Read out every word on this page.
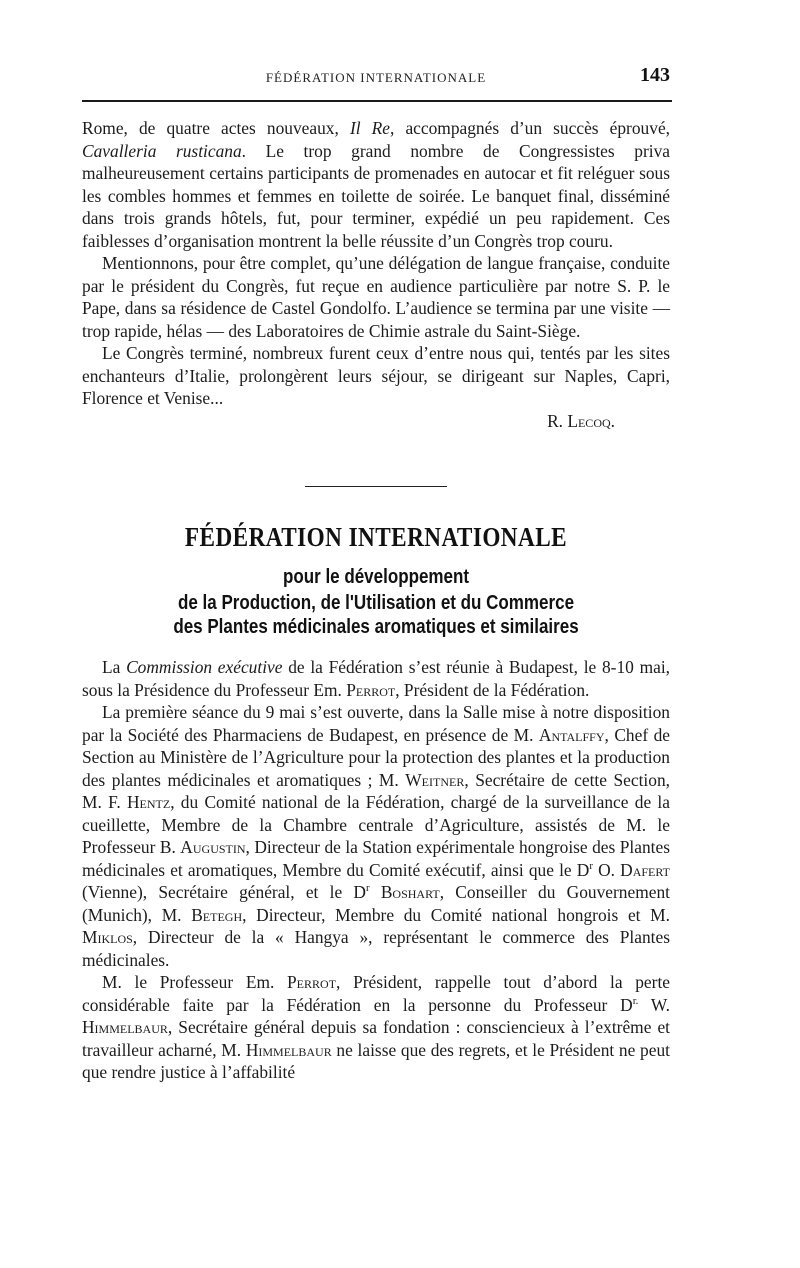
FÉDÉRATION INTERNATIONALE	143

Rome, de quatre actes nouveaux, Il Re, accompagnés d’un succès éprouvé, Cavalleria rusticana. Le trop grand nombre de Congressistes priva malheureusement certains participants de promenades en autocar et fit reléguer sous les combles hommes et femmes en toilette de soirée. Le banquet final, disséminé dans trois grands hôtels, fut, pour terminer, expédié un peu rapidement. Ces faiblesses d’organisation montrent la belle réussite d’un Congrès trop couru.

Mentionnons, pour être complet, qu’une délégation de langue française, conduite par le président du Congrès, fut reçue en audience particulière par notre S. P. le Pape, dans sa résidence de Castel Gondolfo. L’audience se termina par une visite — trop rapide, hélas — des Laboratoires de Chimie astrale du Saint-Siège.

Le Congrès terminé, nombreux furent ceux d’entre nous qui, tentés par les sites enchanteurs d’Italie, prolongèrent leurs séjour, se dirigeant sur Naples, Capri, Florence et Venise...

R. Lecoq.

FÉDÉRATION INTERNATIONALE
pour le développement
de la Production, de l'Utilisation et du Commerce
des Plantes médicinales aromatiques et similaires

La Commission exécutive de la Fédération s’est réunie à Budapest, le 8-10 mai, sous la Présidence du Professeur Em. Perrot, Président de la Fédération.

La première séance du 9 mai s’est ouverte, dans la Salle mise à notre disposition par la Société des Pharmaciens de Budapest, en présence de M. Antalffy, Chef de Section au Ministère de l’Agriculture pour la protection des plantes et la production des plantes médicinales et aromatiques ; M. Weitner, Secrétaire de cette Section, M. F. Hentz, du Comité national de la Fédération, chargé de la surveillance de la cueillette, Membre de la Chambre centrale d’Agriculture, assistés de M. le Professeur B. Augustin, Directeur de la Station expérimentale hongroise des Plantes médicinales et aromatiques, Membre du Comité exécutif, ainsi que le $D^r$ O. Dafert (Vienne), Secrétaire général, et le $D^r$ Boshart, Conseiller du Gouvernement (Munich), M. Betegh, Directeur, Membre du Comité national hongrois et M. Miklos, Directeur de la « Hangya », représentant le commerce des Plantes médicinales.

M. le Professeur Em. Perrot, Président, rappelle tout d’abord la perte considérable faite par la Fédération en la personne du Professeur $D^{r.}$ W. Himmelbaur, Secrétaire général depuis sa fondation : consciencieux à l’extrême et travailleur acharné, M. Himmelbaur ne laisse que des regrets, et le Président ne peut que rendre justice à l’affabilité
